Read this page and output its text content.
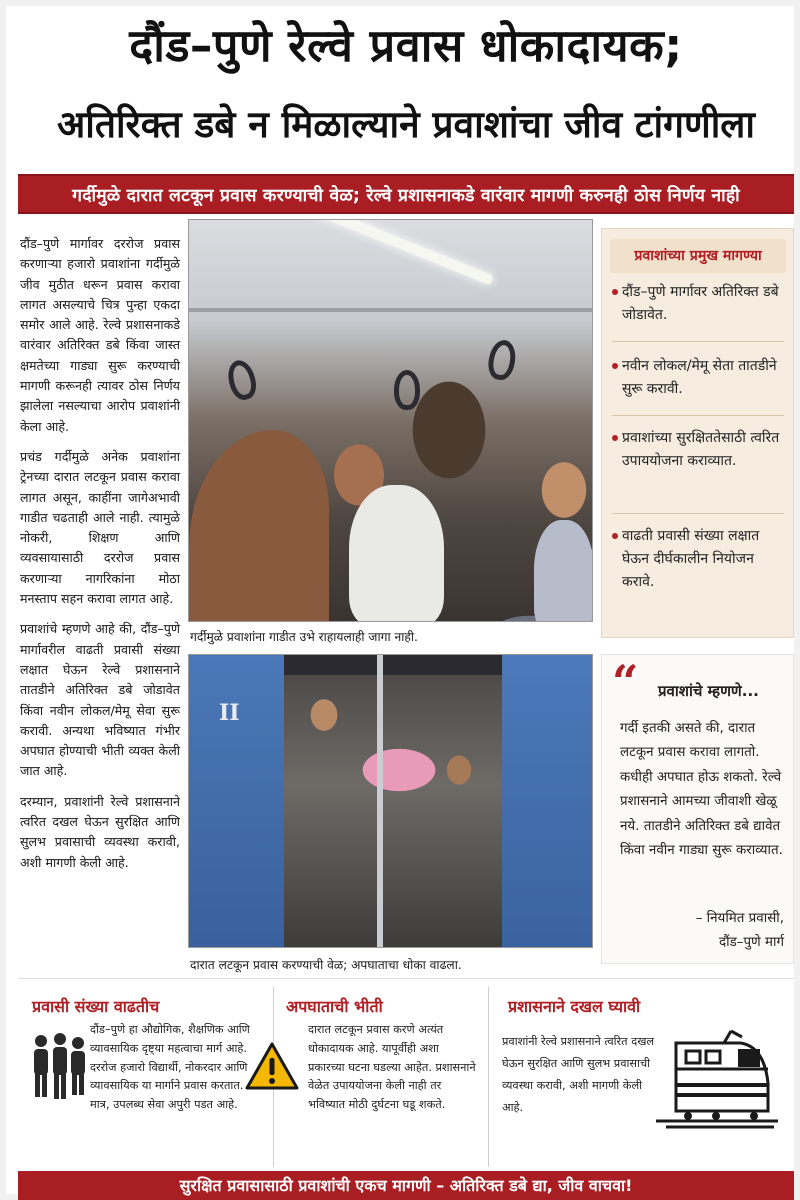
दौंड–पुणे रेल्वे प्रवास धोकादायक;
अतिरिक्त डबे न मिळाल्याने प्रवाशांचा जीव टांगणीला
गर्दीमुळे दारात लटकून प्रवास करण्याची वेळ; रेल्वे प्रशासनाकडे वारंवार मागणी करुनही ठोस निर्णय नाही

दौंड–पुणे मार्गावर दररोज प्रवास करणाऱ्या हजारो प्रवाशांना गर्दीमुळे जीव मुठीत धरून प्रवास करावा लागत असल्याचे चित्र पुन्हा एकदा समोर आले आहे. रेल्वे प्रशासनाकडे वारंवार अतिरिक्त डबे किंवा जास्त क्षमतेच्या गाड्या सुरू करण्याची मागणी करूनही त्यावर ठोस निर्णय झालेला नसल्याचा आरोप प्रवाशांनी केला आहे.

प्रचंड गर्दीमुळे अनेक प्रवाशांना ट्रेनच्या दारात लटकून प्रवास करावा लागत असून, काहींना जागेअभावी गाडीत चढताही आले नाही. त्यामुळे नोकरी, शिक्षण आणि व्यवसायासाठी दररोज प्रवास करणाऱ्या नागरिकांना मोठा मनस्ताप सहन करावा लागत आहे.

प्रवाशांचे म्हणणे आहे की, दौंड–पुणे मार्गावरील वाढती प्रवासी संख्या लक्षात घेऊन रेल्वे प्रशासनाने तातडीने अतिरिक्त डबे जोडावेत किंवा नवीन लोकल/मेमू सेवा सुरू करावी. अन्यथा भविष्यात गंभीर अपघात होण्याची भीती व्यक्त केली जात आहे.

दरम्यान, प्रवाशांनी रेल्वे प्रशासनाने त्वरित दखल घेऊन सुरक्षित आणि सुलभ प्रवासाची व्यवस्था करावी, अशी मागणी केली आहे.

गर्दीमुळे प्रवाशांना गाडीत उभे राहायलाही जागा नाही.
II
दारात लटकून प्रवास करण्याची वेळ; अपघाताचा धोका वाढला.
प्रवाशांच्या प्रमुख मागण्या
दौंड–पुणे मार्गावर अतिरिक्त डबे जोडावेत.
नवीन लोकल/मेमू सेता तातडीने सुरू करावी.
प्रवाशांच्या सुरक्षिततेसाठी त्वरित उपाययोजना कराव्यात.
वाढती प्रवासी संख्या लक्षात घेऊन दीर्घकालीन नियोजन करावे.
“ प्रवाशांचे म्हणणे...
गर्दी इतकी असते की, दारात लटकून प्रवास करावा लागतो. कधीही अपघात होऊ शकतो. रेल्वे प्रशासनाने आमच्या जीवाशी खेळू नये. तातडीने अतिरिक्त डबे द्यावेत किंवा नवीन गाड्या सुरू कराव्यात.
– नियमित प्रवासी,
दौंड–पुणे मार्ग
प्रवासी संख्या वाढतीच
दौंड–पुणे हा औद्योगिक, शैक्षणिक आणि व्यावसायिक दृष्ट्या महत्वाचा मार्ग आहे. दररोज हजारो विद्यार्थी, नोकरदार आणि व्यावसायिक या मार्गाने प्रवास करतात. मात्र, उपलब्ध सेवा अपुरी पडत आहे.
अपघाताची भीती
दारात लटकून प्रवास करणे अत्यंत धोकादायक आहे. यापूर्वीही अशा प्रकारच्या घटना घडल्या आहेत. प्रशासनाने वेळेत उपाययोजना केली नाही तर भविष्यात मोठी दुर्घटना घडू शकते.
प्रशासनाने दखल घ्यावी
प्रवाशांनी रेल्वे प्रशासनाने त्वरित दखल घेऊन सुरक्षित आणि सुलभ प्रवासाची व्यवस्था करावी, अशी मागणी केली आहे.
सुरक्षित प्रवासासाठी प्रवाशांची एकच मागणी – अतिरिक्त डबे द्या, जीव वाचवा!
